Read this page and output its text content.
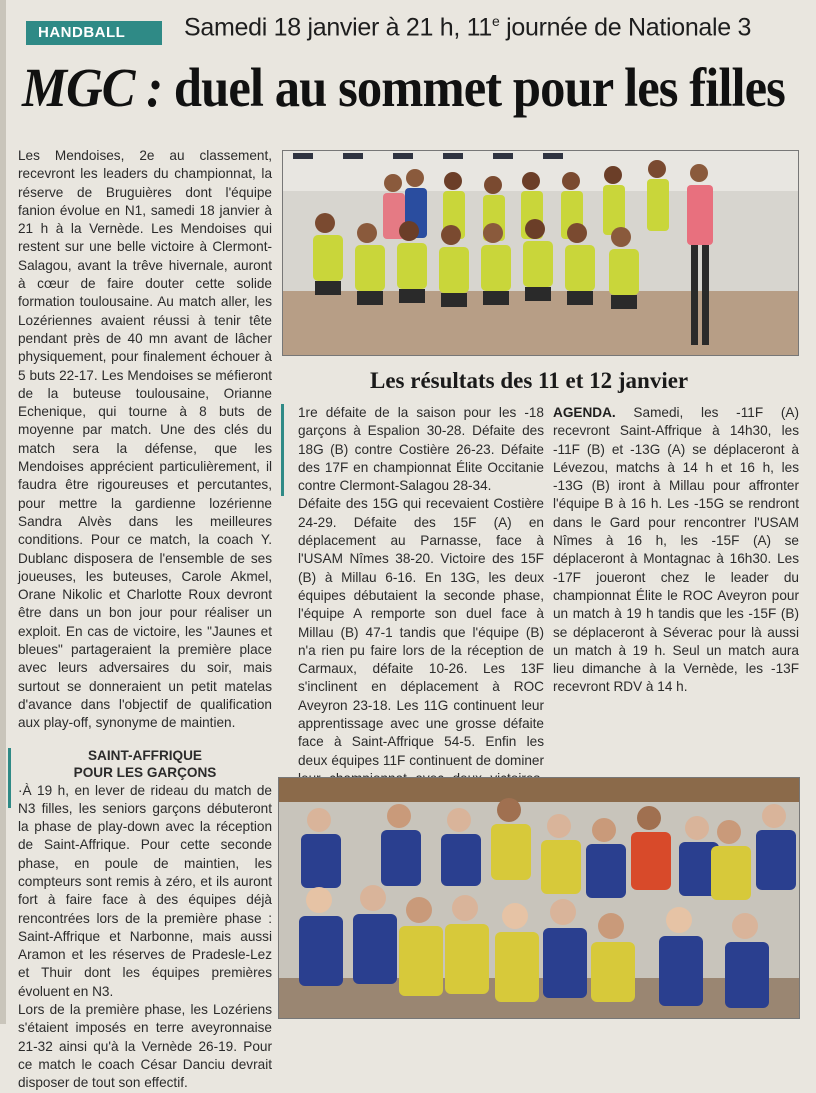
HANDBALL	Samedi 18 janvier à 21 h, 11e journée de Nationale 3
MGC : duel au sommet pour les filles

Les Mendoises, 2e au classement, recevront les leaders du championnat, la réserve de Bruguières dont l'équipe fanion évolue en N1, samedi 18 janvier à 21 h à la Vernède. Les Mendoises qui restent sur une belle victoire à Clermont-Salagou, avant la trêve hivernale, auront à cœur de faire douter cette solide formation toulousaine. Au match aller, les Lozériennes avaient réussi à tenir tête pendant près de 40 mn avant de lâcher physiquement, pour finalement échouer à 5 buts 22-17. Les Mendoises se méfieront de la buteuse toulousaine, Orianne Echenique, qui tourne à 8 buts de moyenne par match. Une des clés du match sera la défense, que les Mendoises apprécient particulièrement, il faudra être rigoureuses et percutantes, pour mettre la gardienne lozérienne Sandra Alvès dans les meilleures conditions. Pour ce match, la coach Y. Dublanc disposera de l'ensemble de ses joueuses, les buteuses, Carole Akmel, Orane Nikolic et Charlotte Roux devront être dans un bon jour pour réaliser un exploit. En cas de victoire, les "Jaunes et bleues" partageraient la première place avec leurs adversaires du soir, mais surtout se donneraient un petit matelas d'avance dans l'objectif de qualification aux play-off, synonyme de maintien.

SAINT-AFFRIQUE
POUR LES GARÇONS

·À 19 h, en lever de rideau du match de N3 filles, les seniors garçons débuteront la phase de play-down avec la réception de Saint-Affrique. Pour cette seconde phase, en poule de maintien, les compteurs sont remis à zéro, et ils auront fort à faire face à des équipes déjà rencontrées lors de la première phase : Saint-Affrique et Narbonne, mais aussi Aramon et les réserves de Pradesle-Lez et Thuir dont les équipes premières évoluent en N3.

Lors de la première phase, les Lozériens s'étaient imposés en terre aveyronnaise 21-32 ainsi qu'à la Vernède 26-19. Pour ce match le coach César Danciu devrait disposer de tout son effectif.

Les résultats des 11 et 12 janvier

1re défaite de la saison pour les -18 garçons à Espalion 30-28. Défaite des 18G (B) contre Costière 26-23. Défaite des 17F en championnat Élite Occitanie contre Clermont-Salagou 28-34.

Défaite des 15G qui recevaient Costière 24-29. Défaite des 15F (A) en déplacement au Parnasse, face à l'USAM Nîmes 38-20. Victoire des 15F (B) à Millau 6-16. En 13G, les deux équipes débutaient la seconde phase, l'équipe A remporte son duel face à Millau (B) 47-1 tandis que l'équipe (B) n'a rien pu faire lors de la réception de Carmaux, défaite 10-26. Les 13F s'inclinent en déplacement à ROC Aveyron 23-18. Les 11G continuent leur apprentissage avec une grosse défaite face à Saint-Affrique 54-5. Enfin les deux équipes 11F continuent de dominer

AGENDA. Samedi, les -11F (A) recevront Saint-Affrique à 14h30, les -11F (B) et -13G (A) se déplaceront à Lévezou, matchs à 14 h et 16 h, les -13G (B) iront à Millau pour affronter l'équipe B à 16 h. Les -15G se rendront dans le Gard pour rencontrer l'USAM Nîmes à 16 h, les -15F (A) se déplaceront à Montagnac à 16h30. Les -17F joueront chez le leader du championnat Élite le ROC Aveyron pour un match à 19 h tandis que les -15F (B) se déplaceront à Séverac pour là aussi un match à 19 h. Seul un match aura lieu dimanche à la Vernède, les -13F recevront RDV à 14 h.
